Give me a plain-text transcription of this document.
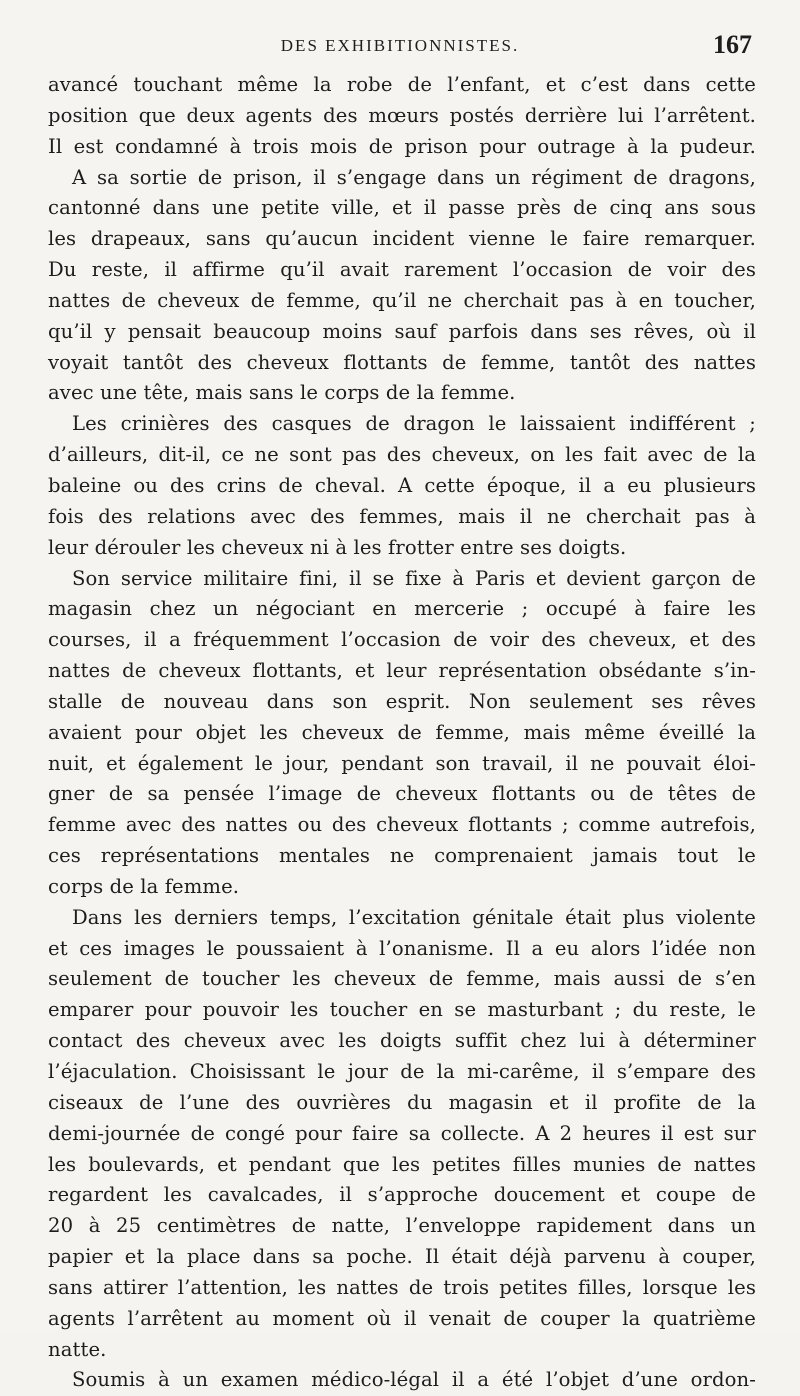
DES EXHIBITIONNISTES.	167
avancé touchant même la robe de l’enfant, et c’est dans cette
position que deux agents des mœurs postés derrière lui l’arrêtent.
Il est condamné à trois mois de prison pour outrage à la pudeur.
A sa sortie de prison, il s’engage dans un régiment de dragons,
cantonné dans une petite ville, et il passe près de cinq ans sous
les drapeaux, sans qu’aucun incident vienne le faire remarquer.
Du reste, il affirme qu’il avait rarement l’occasion de voir des
nattes de cheveux de femme, qu’il ne cherchait pas à en toucher,
qu’il y pensait beaucoup moins sauf parfois dans ses rêves, où il
voyait tantôt des cheveux flottants de femme, tantôt des nattes
avec une tête, mais sans le corps de la femme.
Les crinières des casques de dragon le laissaient indifférent ;
d’ailleurs, dit-il, ce ne sont pas des cheveux, on les fait avec de la
baleine ou des crins de cheval. A cette époque, il a eu plusieurs
fois des relations avec des femmes, mais il ne cherchait pas à
leur dérouler les cheveux ni à les frotter entre ses doigts.
Son service militaire fini, il se fixe à Paris et devient garçon de
magasin chez un négociant en mercerie ; occupé à faire les
courses, il a fréquemment l’occasion de voir des cheveux, et des
nattes de cheveux flottants, et leur représentation obsédante s’in-
stalle de nouveau dans son esprit. Non seulement ses rêves
avaient pour objet les cheveux de femme, mais même éveillé la
nuit, et également le jour, pendant son travail, il ne pouvait éloi-
gner de sa pensée l’image de cheveux flottants ou de têtes de
femme avec des nattes ou des cheveux flottants ; comme autrefois,
ces représentations mentales ne comprenaient jamais tout le
corps de la femme.
Dans les derniers temps, l’excitation génitale était plus violente
et ces images le poussaient à l’onanisme. Il a eu alors l’idée non
seulement de toucher les cheveux de femme, mais aussi de s’en
emparer pour pouvoir les toucher en se masturbant ; du reste, le
contact des cheveux avec les doigts suffit chez lui à déterminer
l’éjaculation. Choisissant le jour de la mi-carême, il s’empare des
ciseaux de l’une des ouvrières du magasin et il profite de la
demi-journée de congé pour faire sa collecte. A 2 heures il est sur
les boulevards, et pendant que les petites filles munies de nattes
regardent les cavalcades, il s’approche doucement et coupe de
20 à 25 centimètres de natte, l’enveloppe rapidement dans un
papier et la place dans sa poche. Il était déjà parvenu à couper,
sans attirer l’attention, les nattes de trois petites filles, lorsque les
agents l’arrêtent au moment où il venait de couper la quatrième
natte.
Soumis à un examen médico-légal il a été l’objet d’une ordon-
